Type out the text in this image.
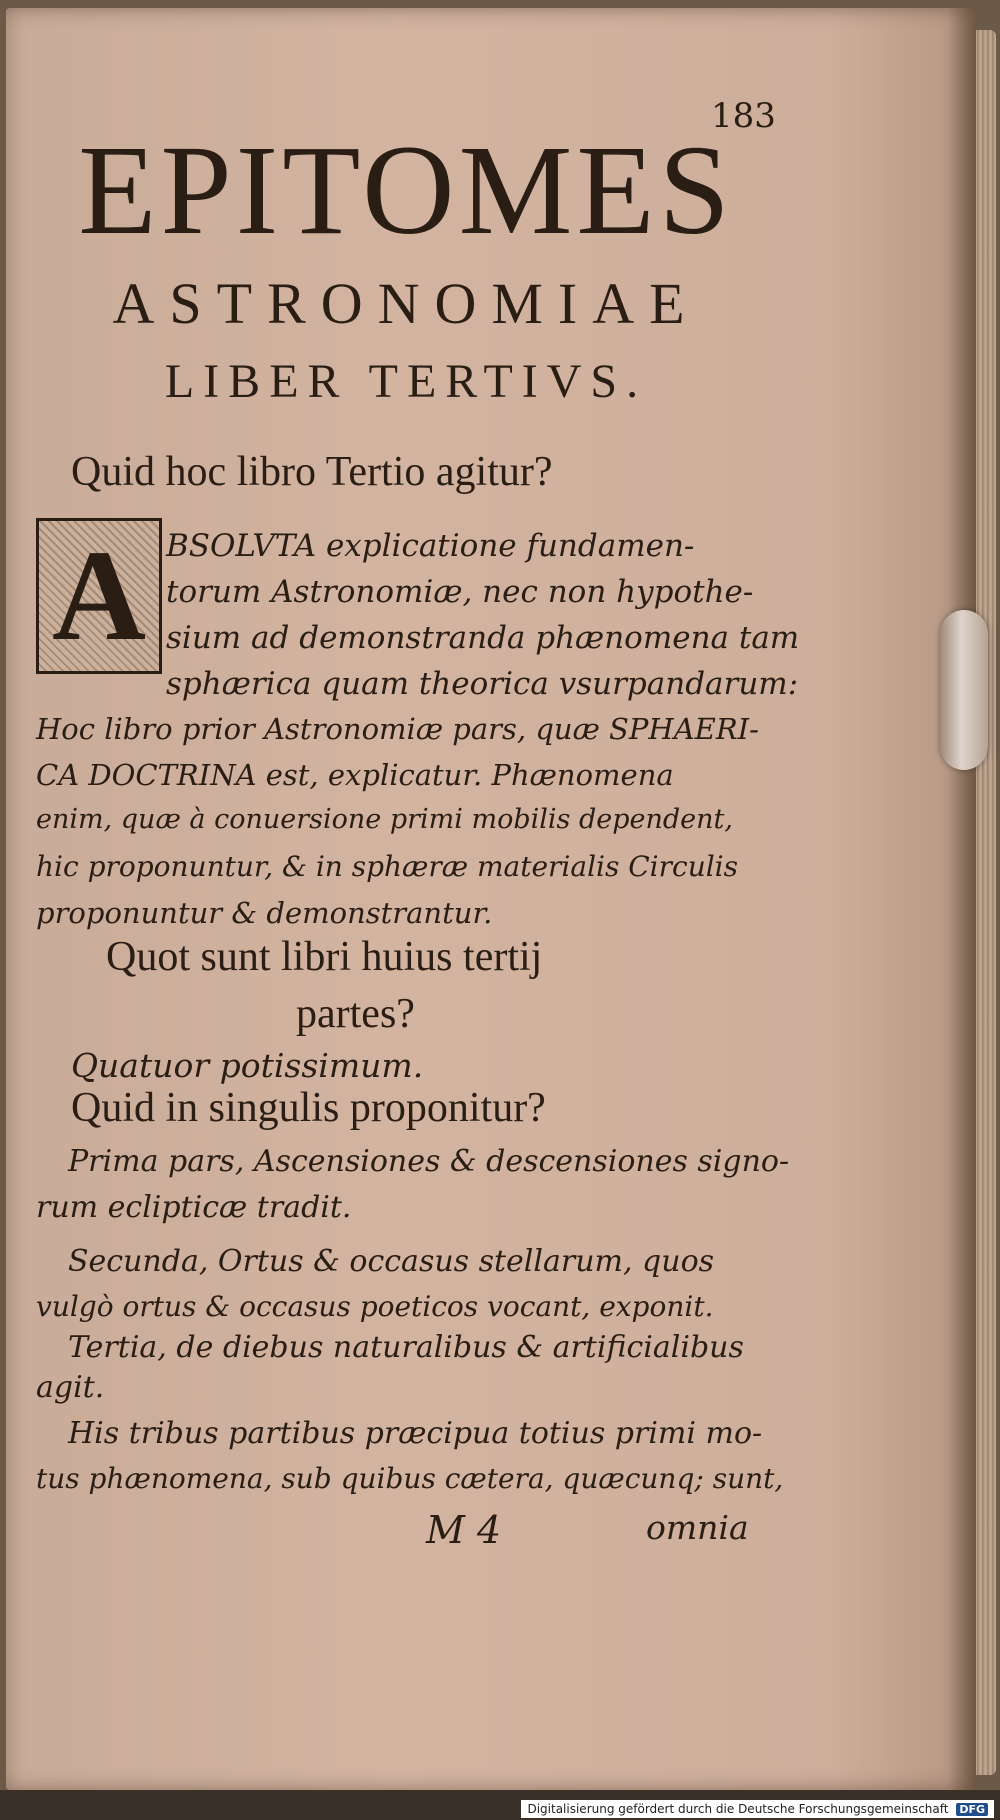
183
EPITOMES
ASTRONOMIAE
LIBER TERTIVS.
Quid hoc libro Tertio agitur?
A BSOLVTA explicatione fundamen-
torum Astronomiæ, nec non hypothe-
sium ad demonstranda phænomena tam
sphærica quam theorica vsurpandarum:
Hoc libro prior Astronomiæ pars, quæ SPHAERI-
CA DOCTRINA est, explicatur. Phænomena
enim, quæ à conuersione primi mobilis dependent,
hic proponuntur, & in sphæræ materialis Circulis
proponuntur & demonstrantur.
Quot sunt libri huius tertij
partes?
Quatuor potissimum.
Quid in singulis proponitur?
Prima pars, Ascensiones & descensiones signo-
rum eclipticæ tradit.
Secunda, Ortus & occasus stellarum, quos
vulgò ortus & occasus poeticos vocant, exponit.
Tertia, de diebus naturalibus & artificialibus
agit.
His tribus partibus præcipua totius primi mo-
tus phænomena, sub quibus cætera, quæcunq; sunt,
M 4	omnia
Digitalisierung gefördert durch die Deutsche Forschungsgemeinschaft DFG
